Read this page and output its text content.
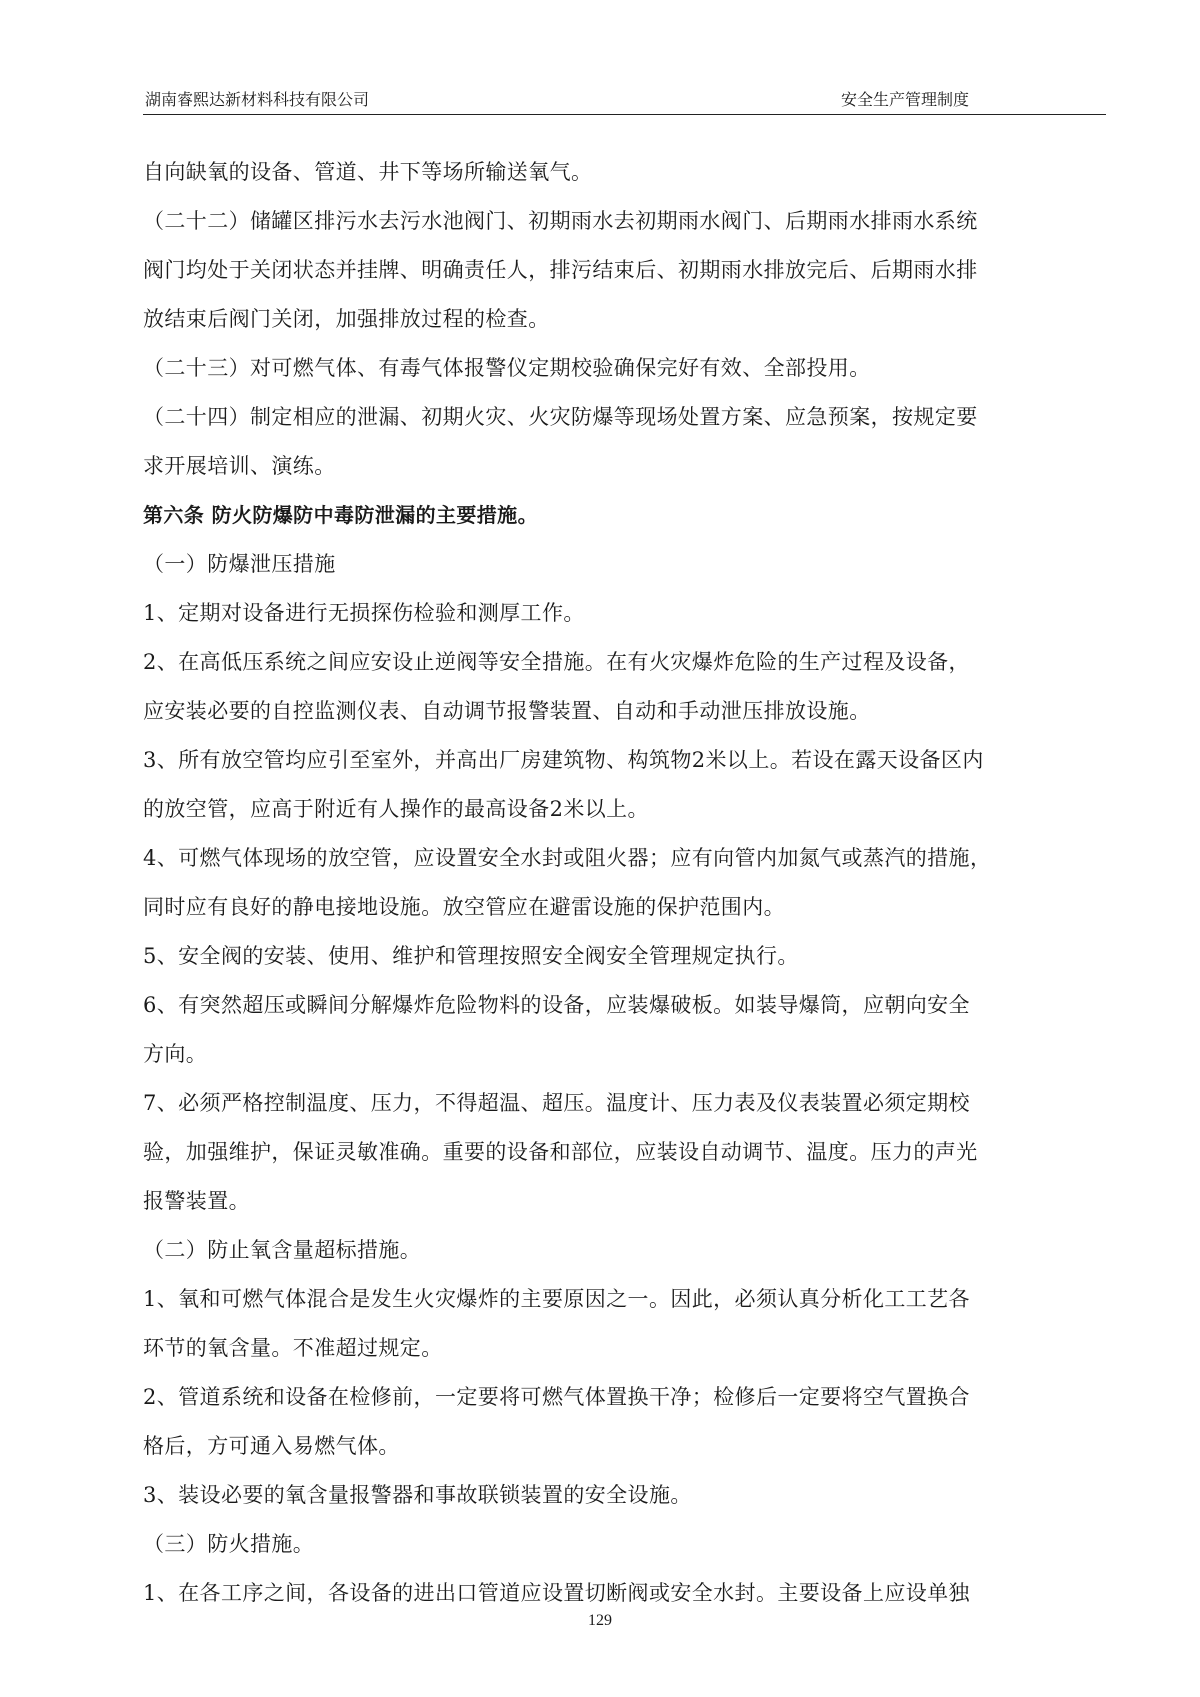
湖南睿熙达新材料科技有限公司	安全生产管理制度
自向缺氧的设备、管道、井下等场所输送氧气。
（二十二）储罐区排污水去污水池阀门、初期雨水去初期雨水阀门、后期雨水排雨水系统
阀门均处于关闭状态并挂牌、明确责任人，排污结束后、初期雨水排放完后、后期雨水排
放结束后阀门关闭，加强排放过程的检查。
（二十三）对可燃气体、有毒气体报警仪定期校验确保完好有效、全部投用。
（二十四）制定相应的泄漏、初期火灾、火灾防爆等现场处置方案、应急预案，按规定要
求开展培训、演练。
第六条 防火防爆防中毒防泄漏的主要措施。
（一）防爆泄压措施
1、定期对设备进行无损探伤检验和测厚工作。
2、在高低压系统之间应安设止逆阀等安全措施。在有火灾爆炸危险的生产过程及设备，
应安装必要的自控监测仪表、自动调节报警装置、自动和手动泄压排放设施。
3、所有放空管均应引至室外，并高出厂房建筑物、构筑物2米以上。若设在露天设备区内
的放空管，应高于附近有人操作的最高设备2米以上。
4、可燃气体现场的放空管，应设置安全水封或阻火器；应有向管内加氮气或蒸汽的措施，
同时应有良好的静电接地设施。放空管应在避雷设施的保护范围内。
5、安全阀的安装、使用、维护和管理按照安全阀安全管理规定执行。
6、有突然超压或瞬间分解爆炸危险物料的设备，应装爆破板。如装导爆筒，应朝向安全
方向。
7、必须严格控制温度、压力，不得超温、超压。温度计、压力表及仪表装置必须定期校
验，加强维护，保证灵敏准确。重要的设备和部位，应装设自动调节、温度。压力的声光
报警装置。
（二）防止氧含量超标措施。
1、氧和可燃气体混合是发生火灾爆炸的主要原因之一。因此，必须认真分析化工工艺各
环节的氧含量。不准超过规定。
2、管道系统和设备在检修前，一定要将可燃气体置换干净；检修后一定要将空气置换合
格后，方可通入易燃气体。
3、装设必要的氧含量报警器和事故联锁装置的安全设施。
（三）防火措施。
1、在各工序之间，各设备的进出口管道应设置切断阀或安全水封。主要设备上应设单独
129
